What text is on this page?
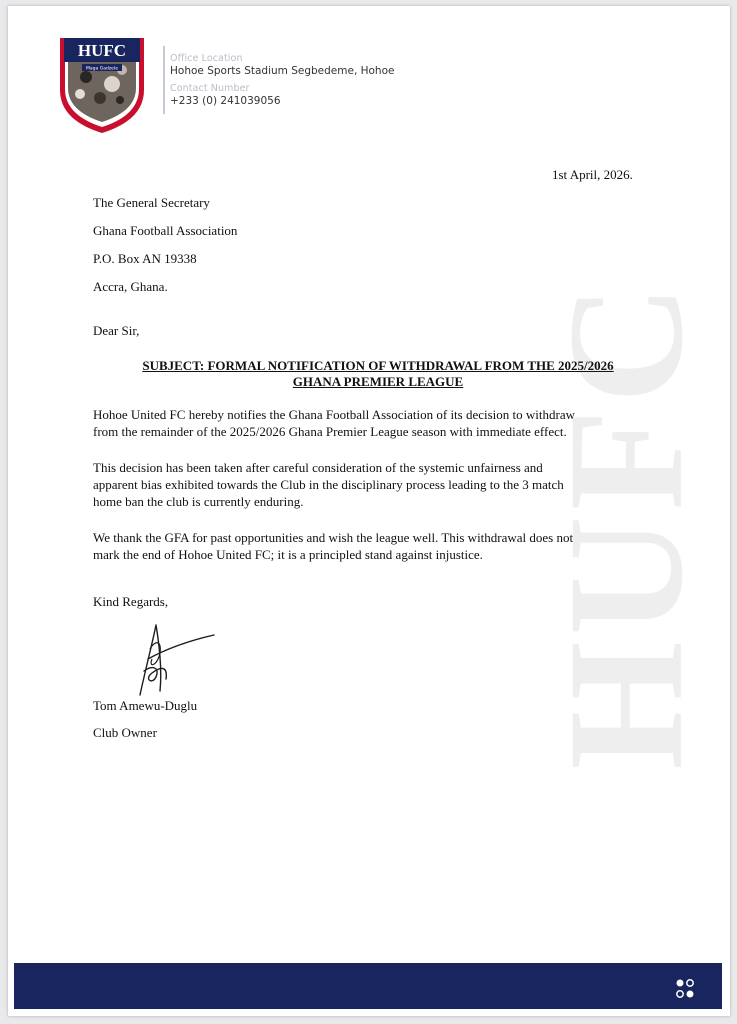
HUFC
HUFC
Maga Gadzele
Office Location
Hohoe Sports Stadium Segbedeme, Hohoe
Contact Number
+233 (0) 241039056
1st April, 2026.
The General Secretary
Ghana Football Association
P.O. Box AN 19338
Accra, Ghana.
Dear Sir,
SUBJECT: FORMAL NOTIFICATION OF WITHDRAWAL FROM THE 2025/2026
GHANA PREMIER LEAGUE
Hohoe United FC hereby notifies the Ghana Football Association of its decision to withdraw
from the remainder of the 2025/2026 Ghana Premier League season with immediate effect.
This decision has been taken after careful consideration of the systemic unfairness and
apparent bias exhibited towards the Club in the disciplinary process leading to the 3 match
home ban the club is currently enduring.
We thank the GFA for past opportunities and wish the league well. This withdrawal does not
mark the end of Hohoe United FC; it is a principled stand against injustice.
Kind Regards,
Tom Amewu-Duglu
Club Owner
